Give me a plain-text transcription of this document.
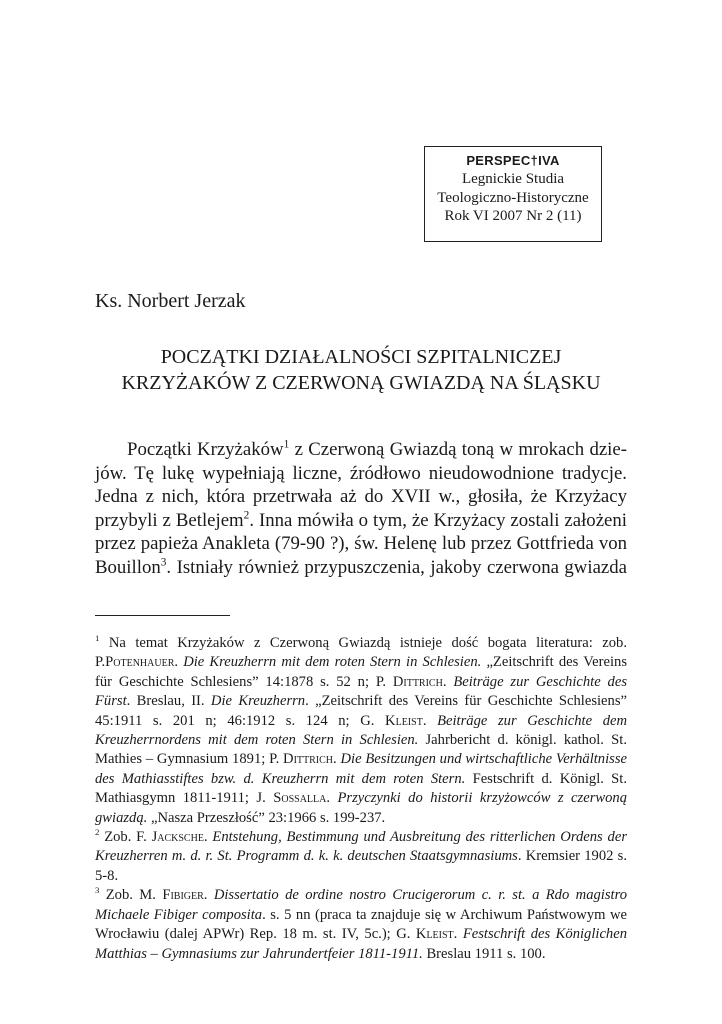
PERSPEC†IVA
Legnickie Studia
Teologiczno-Historyczne
Rok VI 2007 Nr 2 (11)
Ks. Norbert Jerzak
POCZĄTKI DZIAŁALNOŚCI SZPITALNICZEJ
KRZYŻAKÓW Z CZERWONĄ GWIAZDĄ NA ŚLĄSKU
Początki Krzyżaków$^1$ z Czerwoną Gwiazdą toną w mrokach dzie-
jów. Tę lukę wypełniają liczne, źródłowo nieudowodnione tradycje.
Jedna z nich, która przetrwała aż do XVII w., głosiła, że Krzyżacy
przybyli z Betlejem$^2$. Inna mówiła o tym, że Krzyżacy zostali założeni
przez papieża Anakleta (79-90 ?), św. Helenę lub przez Gottfrieda von
Bouillon$^3$. Istniały również przypuszczenia, jakoby czerwona gwiazda
$^1$ Na temat Krzyżaków z Czerwoną Gwiazdą istnieje dość bogata literatura: zob. P.Potenhauer. Die Kreuzherrn mit dem roten Stern in Schlesien. „Zeitschrift des Vereins für Geschichte Schlesiens” 14:1878 s. 52 n; P. Dittrich. Beiträge zur Geschichte des Fürst. Breslau, II. Die Kreuzherrn. „Zeitschrift des Vereins für Geschichte Schlesiens” 45:1911 s. 201 n; 46:1912 s. 124 n; G. Kleist. Beiträge zur Geschichte dem Kreuzherrnordens mit dem roten Stern in Schlesien. Jahrbericht d. königl. kathol. St. Mathies – Gymnasium 1891; P. Dittrich. Die Besitzungen und wirtschaftliche Verhältnisse des Mathiasstiftes bzw. d. Kreuzherrn mit dem roten Stern. Festschrift d. Königl. St. Mathiasgymn 1811-1911; J. Sossalla. Przyczynki do historii krzyżowców z czerwoną gwiazdą. „Nasza Przeszłość” 23:1966 s. 199-237.
$^2$ Zob. F. Jacksche. Entstehung, Bestimmung und Ausbreitung des ritterlichen Ordens der Kreuzherren m. d. r. St. Programm d. k. k. deutschen Staatsgymnasiums. Kremsier 1902 s. 5-8.
$^3$ Zob. M. Fibiger. Dissertatio de ordine nostro Crucigerorum c. r. st. a Rdo magistro Michaele Fibiger composita. s. 5 nn (praca ta znajduje się w Archiwum Państwowym we Wrocławiu (dalej APWr) Rep. 18 m. st. IV, 5c.); G. Kleist. Festschrift des Königlichen Matthias – Gymnasiums zur Jahrundertfeier 1811-1911. Breslau 1911 s. 100.
